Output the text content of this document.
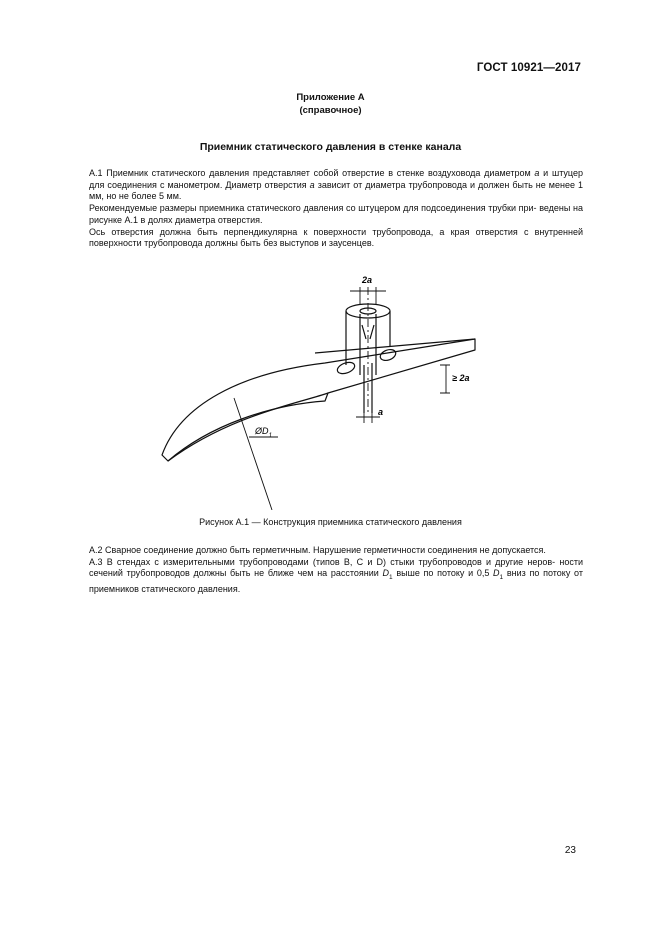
ГОСТ 10921—2017
Приложение А
(справочное)
Приемник статического давления в стенке канала
А.1 Приемник статического давления представляет собой отверстие в стенке воздуховода диаметром а и штуцер для соединения с манометром. Диаметр отверстия а зависит от диаметра трубопровода и должен быть не менее 1 мм, но не более 5 мм.
Рекомендуемые размеры приемника статического давления со штуцером для подсоединения трубки при- ведены на рисунке А.1 в долях диаметра отверстия.
Ось отверстия должна быть перпендикулярна к поверхности трубопровода, а края отверстия с внутренней поверхности трубопровода должны быть без выступов и заусенцев.
2а
≥ 2а
а
$ØD_1$
Рисунок А.1 — Конструкция приемника статического давления
А.2 Сварное соединение должно быть герметичным. Нарушение герметичности соединения не допускается.
А.3 В стендах с измерительными трубопроводами (типов В, С и D) стыки трубопроводов и другие неров- ности сечений трубопроводов должны быть не ближе чем на расстоянии $D_1$ выше по потоку и 0,5 $D_1$ вниз по потоку от приемников статического давления.
23
